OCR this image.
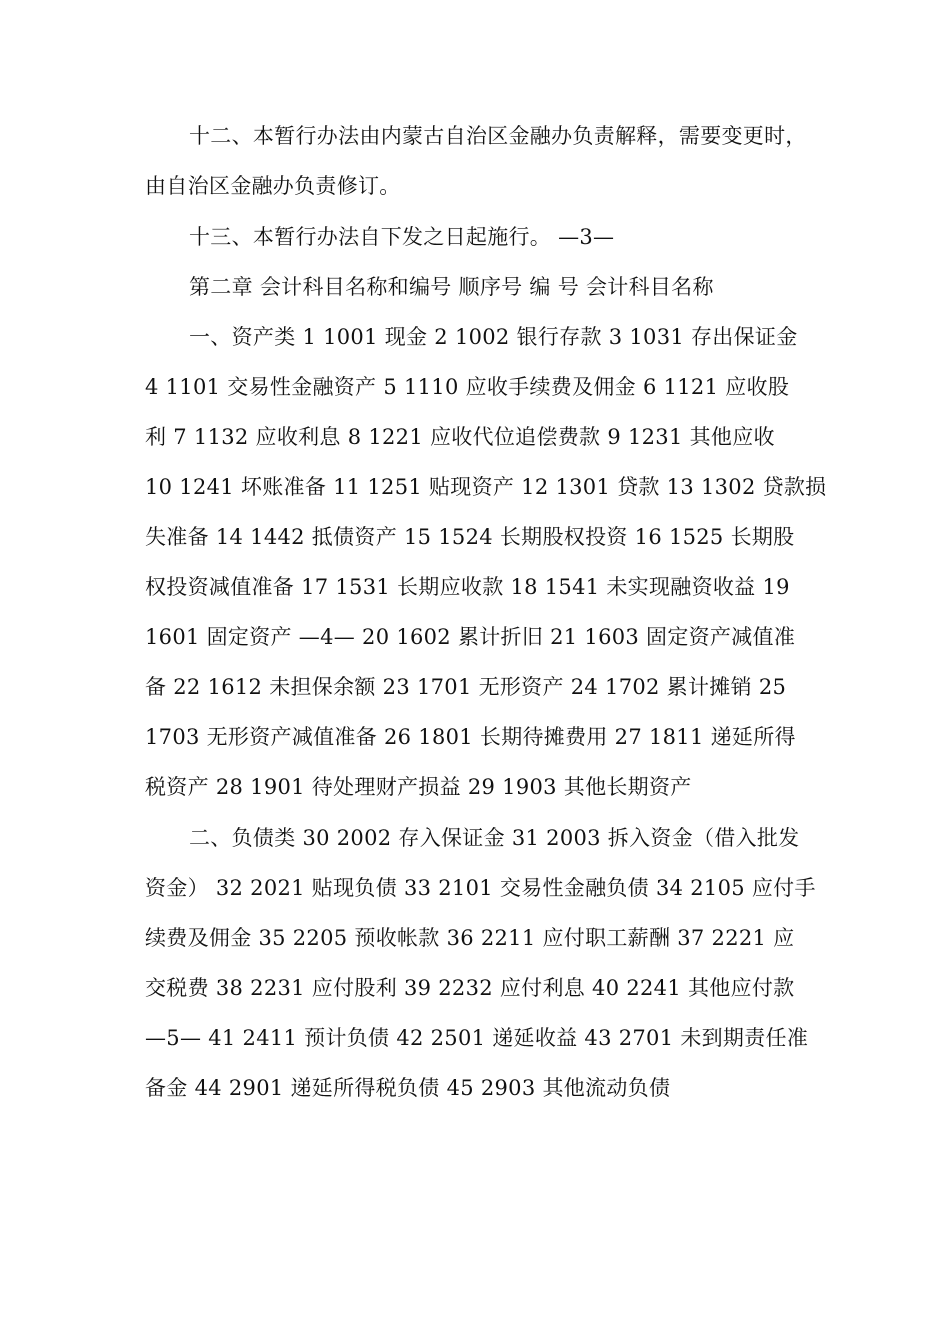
十二、本暂行办法由内蒙古自治区金融办负责解释，需要变更时，
由自治区金融办负责修订。
十三、本暂行办法自下发之日起施行。 —3—
第二章 会计科目名称和编号 顺序号 编 号 会计科目名称
一、资产类 1 1001 现金 2 1002 银行存款 3 1031 存出保证金
4 1101 交易性金融资产 5 1110 应收手续费及佣金 6 1121 应收股
利 7 1132 应收利息 8 1221 应收代位追偿费款 9 1231 其他应收
10 1241 坏账准备 11 1251 贴现资产 12 1301 贷款 13 1302 贷款损
失准备 14 1442 抵债资产 15 1524 长期股权投资 16 1525 长期股
权投资减值准备 17 1531 长期应收款 18 1541 未实现融资收益 19
1601 固定资产 —4— 20 1602 累计折旧 21 1603 固定资产减值准
备 22 1612 未担保余额 23 1701 无形资产 24 1702 累计摊销 25
1703 无形资产减值准备 26 1801 长期待摊费用 27 1811 递延所得
税资产 28 1901 待处理财产损益 29 1903 其他长期资产
二、负债类 30 2002 存入保证金 31 2003 拆入资金（借入批发
资金） 32 2021 贴现负债 33 2101 交易性金融负债 34 2105 应付手
续费及佣金 35 2205 预收帐款 36 2211 应付职工薪酬 37 2221 应
交税费 38 2231 应付股利 39 2232 应付利息 40 2241 其他应付款
—5— 41 2411 预计负债 42 2501 递延收益 43 2701 未到期责任准
备金 44 2901 递延所得税负债 45 2903 其他流动负债
